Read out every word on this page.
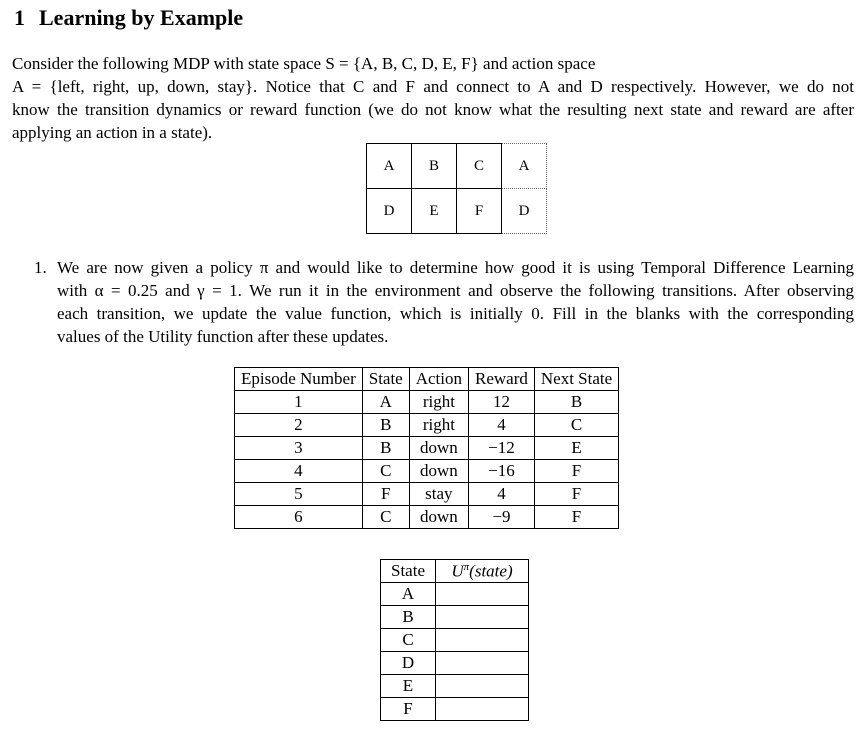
1 Learning by Example
Consider the following MDP with state space S = {A, B, C, D, E, F} and action space
A = {left, right, up, down, stay}. Notice that C and F and connect to A and D respectively. However, we do not
know the transition dynamics or reward function (we do not know what the resulting next state and reward are after
applying an action in a state).
A	B	C	A
D	E	F	D
1. We are now given a policy π and would like to determine how good it is using Temporal Difference Learning
with α = 0.25 and γ = 1. We run it in the environment and observe the following transitions. After observing
each transition, we update the value function, which is initially 0. Fill in the blanks with the corresponding
values of the Utility function after these updates.
Episode Number	State	Action	Reward	Next State
1	A	right	12	B
2	B	right	4	C
3	B	down	−12	E
4	C	down	−16	F
5	F	stay	4	F
6	C	down	−9	F
State	$U^\pi(state)$
A	
B	
C	
D	
E	
F	
